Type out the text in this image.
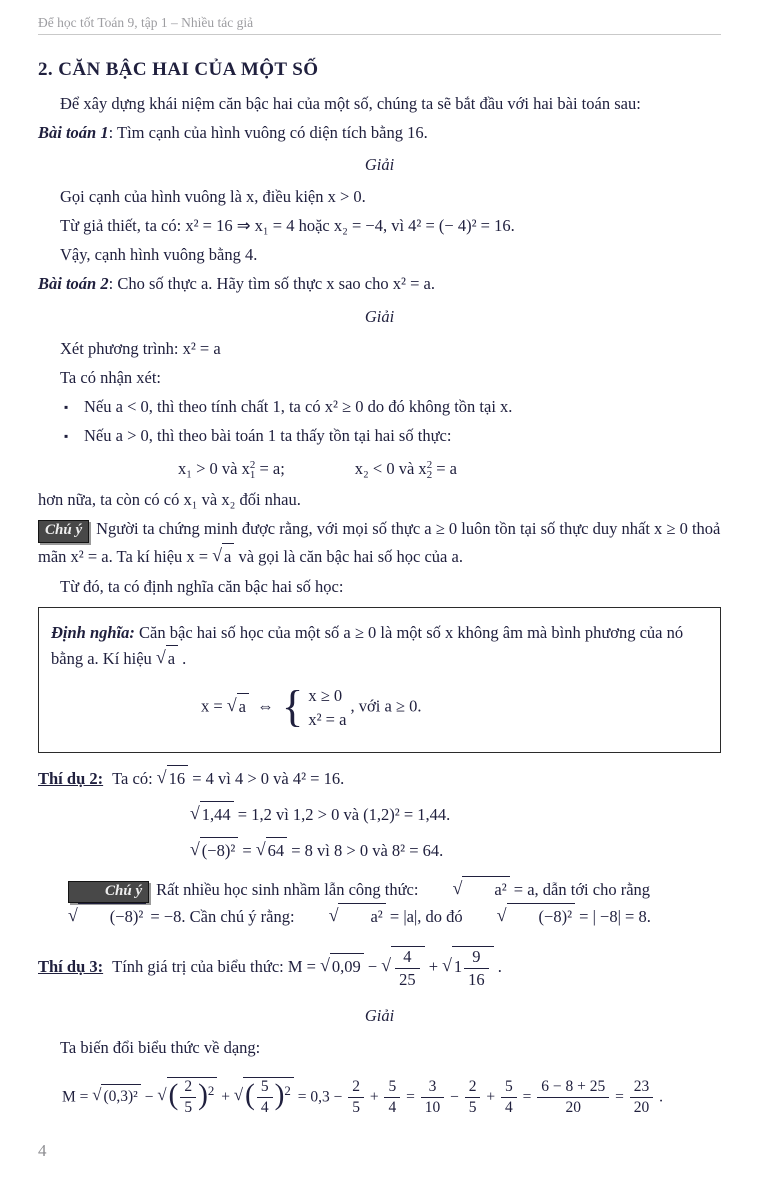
Để học tốt Toán 9, tập 1 – Nhiều tác giả
2. CĂN BẬC HAI CỦA MỘT SỐ

Để xây dựng khái niệm căn bậc hai của một số, chúng ta sẽ bắt đầu với hai bài toán sau:

Bài toán 1: Tìm cạnh của hình vuông có diện tích bằng 16.

Giải

Gọi cạnh của hình vuông là x, điều kiện x > 0.

Từ giả thiết, ta có: x² = 16 ⇒ x₁ = 4 hoặc x₂ = −4, vì 4² = (− 4)² = 16.

Vậy, cạnh hình vuông bằng 4.

Bài toán 2: Cho số thực a. Hãy tìm số thực x sao cho x² = a.

Giải

Xét phương trình: x² = a

Ta có nhận xét:

▪ Nếu a < 0, thì theo tính chất 1, ta có x² ≥ 0 do đó không tồn tại x.

▪ Nếu a > 0, thì theo bài toán 1 ta thấy tồn tại hai số thực:

x₁ > 0 và x 2
1 = a;	x₂ < 0 và x 2
2 = a

hơn nữa, ta còn có có x₁ và x₂ đối nhau.

Chú ý Người ta chứng minh được rằng, với mọi số thực a ≥ 0 luôn tồn tại số thực duy nhất x ≥ 0 thoả mãn x² = a. Ta kí hiệu x = √ a và gọi là căn bậc hai số học của a.

Từ đó, ta có định nghĩa căn bậc hai số học:

Định nghĩa: Căn bậc hai số học của một số a ≥ 0 là một số x không âm mà bình phương của nó bằng a. Kí hiệu √ a .

x = √ a  ⇔  { x ≥ 0
x² = a
, với a ≥ 0.

Thí dụ 2: Ta có: √ 16 = 4 vì 4 > 0 và 4² = 16.

√ 1,44 = 1,2 vì 1,2 > 0 và (1,2)² = 1,44.

√ (−8)² = √ 64 = 8 vì 8 > 0 và 8² = 64.

Chú ý Rất nhiều học sinh nhầm lẫn công thức: √ a² = a, dẫn tới cho rằng √ (−8)² = −8. Cần chú ý rằng: √ a² = |a|, do đó √ (−8)² = | −8| = 8.

Thí dụ 3: Tính giá trị của biểu thức: M = √ 0,09 − √ $\frac{4}{25}$ + √ $1 \frac{9}{16}$ .

Giải

Ta biến đổi biểu thức về dạng:

M = √ (0,3)² − √( $\frac{2}{5} )^2$ + √( $\frac{5}{4} )^2 = 0,3 - \frac{2}{5} + \frac{5}{4} = \frac{3}{10} - \frac{2}{5} + \frac{5}{4} = \frac{6 - 8 + 25}{20} = \frac{23}{20}$ .

4
